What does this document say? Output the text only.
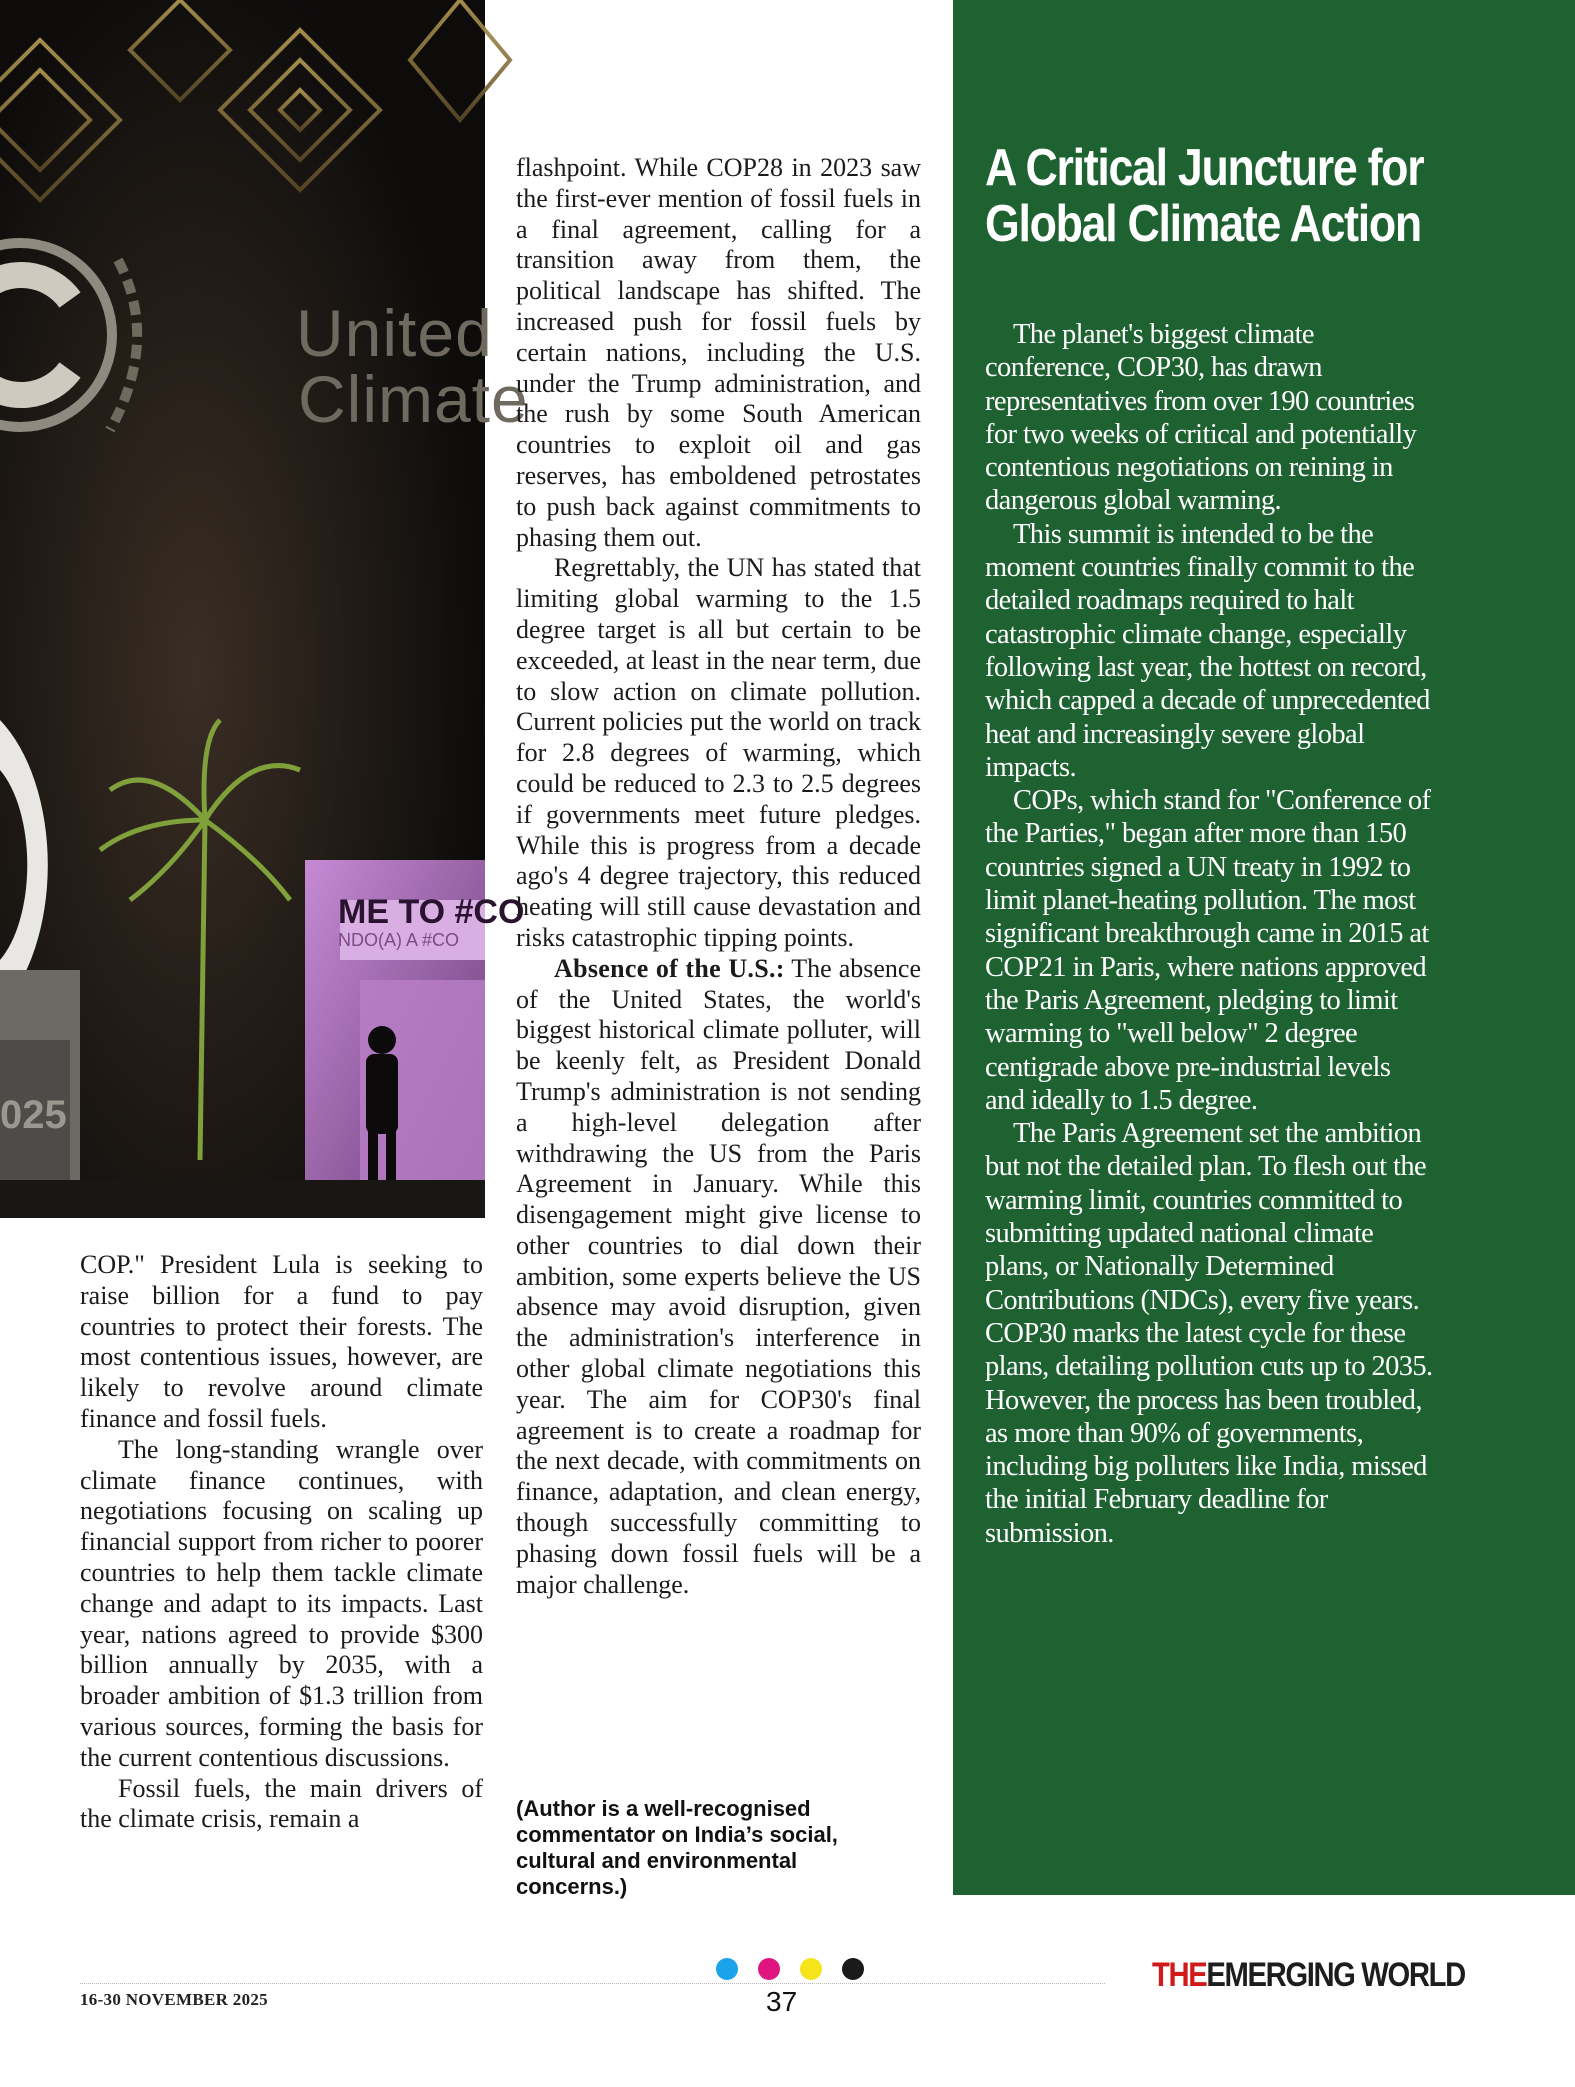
United
Climate
ME TO #CO
NDO(A) A #CO
025

flashpoint. While COP28 in 2023 saw the first-ever mention of fossil fuels in a final agreement, calling for a transition away from them, the political landscape has shifted. The increased push for fossil fuels by certain nations, including the U.S. under the Trump administration, and the rush by some South American countries to exploit oil and gas reserves, has emboldened petrostates to push back against commitments to phasing them out.

Regrettably, the UN has stated that limiting global warming to the 1.5 degree target is all but certain to be exceeded, at least in the near term, due to slow action on climate pollution. Current policies put the world on track for 2.8 degrees of warming, which could be reduced to 2.3 to 2.5 degrees if governments meet future pledges. While this is progress from a decade ago's 4 degree trajectory, this reduced heating will still cause devastation and risks catastrophic tipping points.

Absence of the U.S.: The absence of the United States, the world's biggest historical climate polluter, will be keenly felt, as President Donald Trump's administration is not sending a high-level delegation after withdrawing the US from the Paris Agreement in January. While this disengagement might give license to other countries to dial down their ambition, some experts believe the US absence may avoid disruption, given the administration's interference in other global climate negotiations this year. The aim for COP30's final agreement is to create a roadmap for the next decade, with commitments on finance, adaptation, and clean energy, though successfully committing to phasing down fossil fuels will be a major challenge.

(Author is a well-recognised commentator on India’s social, cultural and environmental concerns.)

COP." President Lula is seeking to raise billion for a fund to pay countries to protect their forests. The most contentious issues, however, are likely to revolve around climate finance and fossil fuels.

The long-standing wrangle over climate finance continues, with negotiations focusing on scaling up financial support from richer to poorer countries to help them tackle climate change and adapt to its impacts. Last year, nations agreed to provide $300 billion annually by 2035, with a broader ambition of $1.3 trillion from various sources, forming the basis for the current contentious discussions.

Fossil fuels, the main drivers of the climate crisis, remain a

A Critical Juncture for Global Climate Action

The planet's biggest climate conference, COP30, has drawn representatives from over 190 countries for two weeks of critical and potentially contentious negotiations on reining in dangerous global warming.

This summit is intended to be the moment countries finally commit to the detailed roadmaps required to halt catastrophic climate change, especially following last year, the hottest on record, which capped a decade of unprecedented heat and increasingly severe global impacts.

COPs, which stand for "Conference of the Parties," began after more than 150 countries signed a UN treaty in 1992 to limit planet-heating pollution. The most significant breakthrough came in 2015 at COP21 in Paris, where nations approved the Paris Agreement, pledging to limit warming to "well below" 2 degree centigrade above pre-industrial levels and ideally to 1.5 degree.

The Paris Agreement set the ambition but not the detailed plan. To flesh out the warming limit, countries committed to submitting updated national climate plans, or Nationally Determined Contributions (NDCs), every five years. COP30 marks the latest cycle for these plans, detailing pollution cuts up to 2035. However, the process has been troubled, as more than 90% of governments, including big polluters like India, missed the initial February deadline for submission.

16-30 NOVEMBER 2025	37
THEEMERGING WORLD
